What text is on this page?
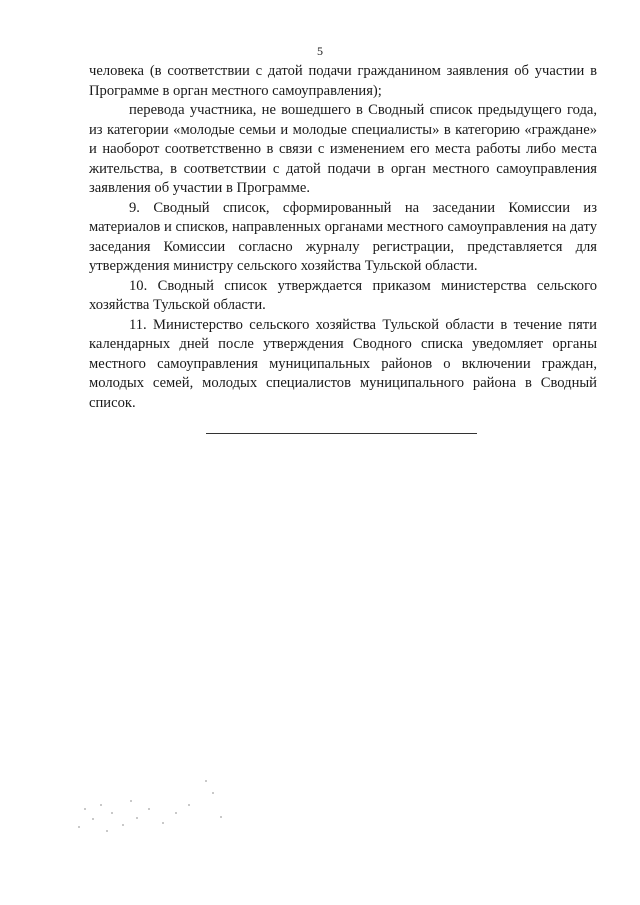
5

человека (в соответствии с датой подачи гражданином заявления об участии в Программе в орган местного самоуправления);

перевода участника, не вошедшего в Сводный список предыдущего года, из категории «молодые семьи и молодые специалисты» в категорию «граждане» и наоборот соответственно в связи с изменением его места работы либо места жительства, в соответствии с датой подачи в орган местного самоуправления заявления об участии в Программе.

9. Сводный список, сформированный на заседании Комиссии из материалов и списков, направленных органами местного самоуправления на дату заседания Комиссии согласно журналу регистрации, представляется для утверждения министру сельского хозяйства Тульской области.

10. Сводный список утверждается приказом министерства сельского хозяйства Тульской области.

11. Министерство сельского хозяйства Тульской области в течение пяти календарных дней после утверждения Сводного списка уведомляет органы местного самоуправления муниципальных районов о включении граждан, молодых семей, молодых специалистов муниципального района в Сводный список.
